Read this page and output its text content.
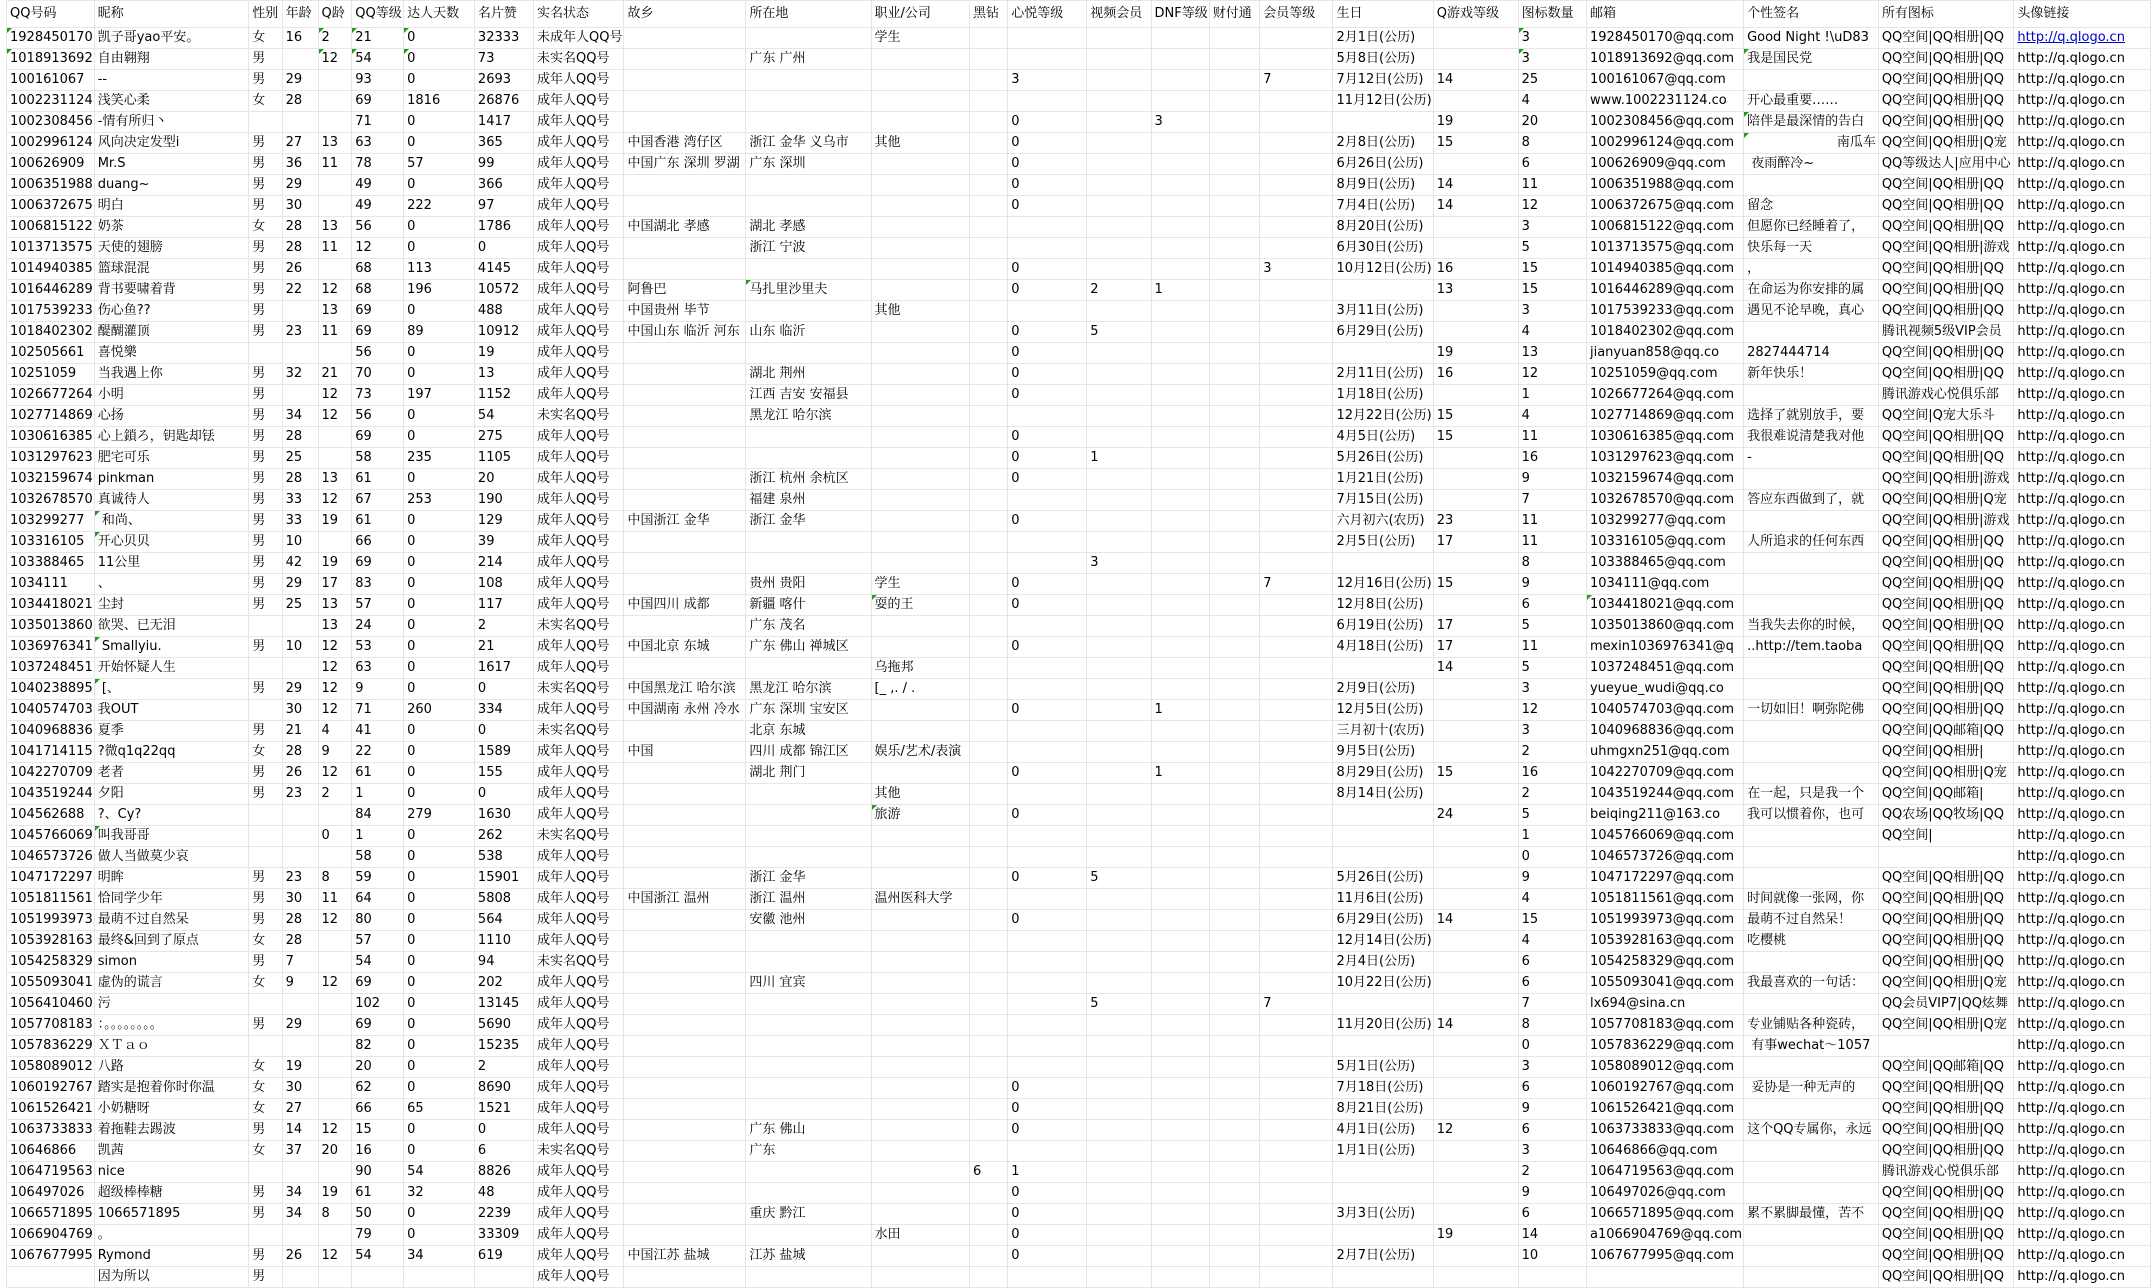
QQ号码	昵称	性别	年龄	Q龄	QQ等级	达人天数	名片赞	实名状态	故乡	所在地	职业/公司	黑钻	心悦等级	视频会员	DNF等级	财付通	会员等级	生日	Q游戏等级	图标数量	邮箱	个性签名	所有图标	头像链接
1928450170	凯子哥yao平安。	女	16	2	21	0	32333	未成年人QQ号			学生							2月1日(公历)		3	1928450170@qq.com	Good Night !\uD83	QQ空间|QQ相册|QQ	http://q.qlogo.cn
1018913692	自由翱翔	男		12	54	0	73	未实名QQ号		广东 广州								5月8日(公历)		3	1018913692@qq.com	我是国民党	QQ空间|QQ相册|QQ	http://q.qlogo.cn
100161067	--	男	29		93	0	2693	成年人QQ号					3				7	7月12日(公历)	14	25	100161067@qq.com		QQ空间|QQ相册|QQ	http://q.qlogo.cn
1002231124	浅笑心柔	女	28		69	1816	26876	成年人QQ号										11月12日(公历)		4	www.1002231124.co	开心最重要……	QQ空间|QQ相册|QQ	http://q.qlogo.cn
1002308456	-情有所归丶				71	0	1417	成年人QQ号					0		3				19	20	1002308456@qq.com	陪伴是最深情的告白	QQ空间|QQ相册|QQ	http://q.qlogo.cn
1002996124	风向决定发型i	男	27	13	63	0	365	成年人QQ号	中国香港 湾仔区	浙江 金华 义乌市	其他		0					2月8日(公历)	15	8	1002996124@qq.com	南瓜车	QQ空间|QQ相册|Q宠	http://q.qlogo.cn
100626909	Mr.S	男	36	11	78	57	99	成年人QQ号	中国广东 深圳 罗湖	广东 深圳			0					6月26日(公历)		6	100626909@qq.com	夜雨醉冷~	QQ等级达人|应用中心	http://q.qlogo.cn
1006351988	duang~	男	29		49	0	366	成年人QQ号					0					8月9日(公历)	14	11	1006351988@qq.com		QQ空间|QQ相册|QQ	http://q.qlogo.cn
1006372675	明白	男	30		49	222	97	成年人QQ号					0					7月4日(公历)	14	12	1006372675@qq.com	留念	QQ空间|QQ相册|QQ	http://q.qlogo.cn
1006815122	奶茶	女	28	13	56	0	1786	成年人QQ号	中国湖北 孝感	湖北 孝感								8月20日(公历)		3	1006815122@qq.com	但愿你已经睡着了，	QQ空间|QQ相册|QQ	http://q.qlogo.cn
1013713575	天使的翅膀	男	28	11	12	0	0	成年人QQ号		浙江 宁波								6月30日(公历)		5	1013713575@qq.com	快乐每一天	QQ空间|QQ相册|游戏	http://q.qlogo.cn
1014940385	篮球混混	男	26		68	113	4145	成年人QQ号					0				3	10月12日(公历)	16	15	1014940385@qq.com	，	QQ空间|QQ相册|QQ	http://q.qlogo.cn
1016446289	背书要啸着背	男	22	12	68	196	10572	成年人QQ号	阿鲁巴	马扎里沙里夫			0	2	1				13	15	1016446289@qq.com	在命运为你安排的属	QQ空间|QQ相册|QQ	http://q.qlogo.cn
1017539233	伤心鱼??	男		13	69	0	488	成年人QQ号	中国贵州 毕节		其他							3月11日(公历)		3	1017539233@qq.com	遇见不论早晚，真心	QQ空间|QQ相册|QQ	http://q.qlogo.cn
1018402302	醍醐灌顶	男	23	11	69	89	10912	成年人QQ号	中国山东 临沂 河东	山东 临沂			0	5				6月29日(公历)		4	1018402302@qq.com		腾讯视频5级VIP会员	http://q.qlogo.cn
102505661	喜悦樂				56	0	19	成年人QQ号					0						19	13	jianyuan858@qq.co	2827444714	QQ空间|QQ相册|QQ	http://q.qlogo.cn
10251059	当我遇上你	男	32	21	70	0	13	成年人QQ号		湖北 荆州			0					2月11日(公历)	16	12	10251059@qq.com	新年快乐！	QQ空间|QQ相册|QQ	http://q.qlogo.cn
1026677264	小明	男		12	73	197	1152	成年人QQ号		江西 吉安 安福县			0					1月18日(公历)		1	1026677264@qq.com		腾讯游戏心悦俱乐部	http://q.qlogo.cn
1027714869	心扬	男	34	12	56	0	54	未实名QQ号		黑龙江 哈尔滨								12月22日(公历)	15	4	1027714869@qq.com	选择了就别放手，要	QQ空间|Q宠大乐斗	http://q.qlogo.cn
1030616385	心上鎖ろ，钥匙却铥	男	28		69	0	275	成年人QQ号					0					4月5日(公历)	15	11	1030616385@qq.com	我很难说清楚我对他	QQ空间|QQ相册|QQ	http://q.qlogo.cn
1031297623	肥宅可乐	男	25		58	235	1105	成年人QQ号					0	1				5月26日(公历)		16	1031297623@qq.com	-	QQ空间|QQ相册|QQ	http://q.qlogo.cn
1032159674	pinkman	男	28	13	61	0	20	成年人QQ号		浙江 杭州 余杭区			0					1月21日(公历)		9	1032159674@qq.com		QQ空间|QQ相册|游戏	http://q.qlogo.cn
1032678570	真诚待人	男	33	12	67	253	190	成年人QQ号		福建 泉州								7月15日(公历)		7	1032678570@qq.com	答应东西做到了，就	QQ空间|QQ相册|Q宠	http://q.qlogo.cn
103299277	和尚、	男	33	19	61	0	129	成年人QQ号	中国浙江 金华	浙江 金华			0					六月初六(农历)	23	11	103299277@qq.com		QQ空间|QQ相册|游戏	http://q.qlogo.cn
103316105	开心贝贝	男	10		66	0	39	成年人QQ号										2月5日(公历)	17	11	103316105@qq.com	人所追求的任何东西	QQ空间|QQ相册|QQ	http://q.qlogo.cn
103388465	11公里	男	42	19	69	0	214	成年人QQ号						3						8	103388465@qq.com		QQ空间|QQ相册|QQ	http://q.qlogo.cn
1034111	、	男	29	17	83	0	108	成年人QQ号		贵州 贵阳	学生		0				7	12月16日(公历)	15	9	1034111@qq.com		QQ空间|QQ相册|QQ	http://q.qlogo.cn
1034418021	尘封	男	25	13	57	0	117	成年人QQ号	中国四川 成都	新疆 喀什	耍的王		0					12月8日(公历)		6	1034418021@qq.com		QQ空间|QQ相册|QQ	http://q.qlogo.cn
1035013860	欲哭、已无泪			13	24	0	2	未实名QQ号		广东 茂名								6月19日(公历)	17	5	1035013860@qq.com	当我失去你的时候，	QQ空间|QQ相册|QQ	http://q.qlogo.cn
1036976341	Smallyiu.	男	10	12	53	0	21	成年人QQ号	中国北京 东城	广东 佛山 禅城区			0					4月18日(公历)	17	11	mexin1036976341@q	..http://tem.taoba	QQ空间|QQ相册|QQ	http://q.qlogo.cn
1037248451	开始怀疑人生			12	63	0	1617	成年人QQ号			乌拖邦								14	5	1037248451@qq.com		QQ空间|QQ相册|QQ	http://q.qlogo.cn
1040238895	[、	男	29	12	9	0	0	未实名QQ号	中国黑龙江 哈尔滨	黑龙江 哈尔滨	[_ ,. / .							2月9日(公历)		3	yueyue_wudi@qq.co		QQ空间|QQ相册|QQ	http://q.qlogo.cn
1040574703	我OUT		30	12	71	260	334	成年人QQ号	中国湖南 永州 冷水	广东 深圳 宝安区			0		1			12月5日(公历)		12	1040574703@qq.com	一切如旧！啊弥陀佛	QQ空间|QQ相册|QQ	http://q.qlogo.cn
1040968836	夏季	男	21	4	41	0	0	未实名QQ号		北京 东城								三月初十(农历)		3	1040968836@qq.com		QQ空间|QQ邮箱|QQ	http://q.qlogo.cn
1041714115	?微q1q22qq	女	28	9	22	0	1589	成年人QQ号	中国	四川 成都 锦江区	娱乐/艺术/表演							9月5日(公历)		2	uhmgxn251@qq.com		QQ空间|QQ相册|	http://q.qlogo.cn
1042270709	老者	男	26	12	61	0	155	成年人QQ号		湖北 荆门			0		1			8月29日(公历)	15	16	1042270709@qq.com		QQ空间|QQ相册|Q宠	http://q.qlogo.cn
1043519244	夕阳	男	23	2	1	0	0	成年人QQ号			其他							8月14日(公历)		2	1043519244@qq.com	在一起，只是我一个	QQ空间|QQ邮箱|	http://q.qlogo.cn
104562688	?、Cy?				84	279	1630	成年人QQ号			旅游		0						24	5	beiqing211@163.co	我可以惯着你，也可	QQ农场|QQ牧场|QQ	http://q.qlogo.cn
1045766069	叫我哥哥			0	1	0	262	未实名QQ号												1	1045766069@qq.com		QQ空间|	http://q.qlogo.cn
1046573726	做人当做莫少哀				58	0	538	成年人QQ号												0	1046573726@qq.com			http://q.qlogo.cn
1047172297	明眸	男	23	8	59	0	15901	成年人QQ号		浙江 金华			0	5				5月26日(公历)		9	1047172297@qq.com		QQ空间|QQ相册|QQ	http://q.qlogo.cn
1051811561	恰同学少年	男	30	11	64	0	5808	成年人QQ号	中国浙江 温州	浙江 温州	温州医科大学							11月6日(公历)		4	1051811561@qq.com	时间就像一张网，你	QQ空间|QQ相册|QQ	http://q.qlogo.cn
1051993973	最萌不过自然呆	男	28	12	80	0	564	成年人QQ号		安徽 池州			0					6月29日(公历)	14	15	1051993973@qq.com	最萌不过自然呆！	QQ空间|QQ相册|QQ	http://q.qlogo.cn
1053928163	最终&回到了原点	女	28		57	0	1110	成年人QQ号										12月14日(公历)		4	1053928163@qq.com	吃樱桃	QQ空间|QQ相册|QQ	http://q.qlogo.cn
1054258329	simon	男	7		54	0	94	未实名QQ号										2月4日(公历)		6	1054258329@qq.com		QQ空间|QQ相册|QQ	http://q.qlogo.cn
1055093041	虚伪的谎言	女	9	12	69	0	202	成年人QQ号		四川 宜宾								10月22日(公历)		6	1055093041@qq.com	我最喜欢的一句话：	QQ空间|QQ相册|Q宠	http://q.qlogo.cn
1056410460	污				102	0	13145	成年人QQ号						5			7			7	lx694@sina.cn		QQ会员VIP7|QQ炫舞	http://q.qlogo.cn
1057708183	：。。。。。。。。	男	29		69	0	5690	成年人QQ号										11月20日(公历)	14	8	1057708183@qq.com	专业铺贴各种瓷砖，	QQ空间|QQ相册|Q宠	http://q.qlogo.cn
1057836229	ＸＴａｏ				82	0	15235	成年人QQ号												0	1057836229@qq.com	有事wechat～1057		http://q.qlogo.cn
1058089012	八路	女	19		20	0	2	成年人QQ号										5月1日(公历)		3	1058089012@qq.com		QQ空间|QQ邮箱|QQ	http://q.qlogo.cn
1060192767	踏实是抱着你时你温	女	30		62	0	8690	成年人QQ号					0					7月18日(公历)		6	1060192767@qq.com	妥协是一种无声的	QQ空间|QQ相册|QQ	http://q.qlogo.cn
1061526421	小奶糖呀	女	27		66	65	1521	成年人QQ号					0					8月21日(公历)		9	1061526421@qq.com		QQ空间|QQ相册|QQ	http://q.qlogo.cn
1063733833	着拖鞋去踢波	男	14	12	15	0	0	成年人QQ号		广东 佛山			0					4月1日(公历)	12	6	1063733833@qq.com	这个QQ专属你，永远	QQ空间|QQ相册|QQ	http://q.qlogo.cn
10646866	凯茜	女	37	20	16	0	6	未实名QQ号		广东								1月1日(公历)		3	10646866@qq.com		QQ空间|QQ相册|QQ	http://q.qlogo.cn
1064719563	nice				90	54	8826	成年人QQ号				6	1							2	1064719563@qq.com		腾讯游戏心悦俱乐部	http://q.qlogo.cn
106497026	超级棒棒糖	男	34	19	61	32	48	成年人QQ号					0							9	106497026@qq.com		QQ空间|QQ相册|QQ	http://q.qlogo.cn
1066571895	1066571895	男	34	8	50	0	2239	成年人QQ号		重庆 黔江			0					3月3日(公历)		6	1066571895@qq.com	累不累脚最懂，苦不	QQ空间|QQ相册|QQ	http://q.qlogo.cn
1066904769	。				79	0	33309	成年人QQ号			水田		0						19	14	a1066904769@qq.com		QQ空间|QQ相册|QQ	http://q.qlogo.cn
1067677995	Rymond	男	26	12	54	34	619	成年人QQ号	中国江苏 盐城	江苏 盐城			0					2月7日(公历)		10	1067677995@qq.com		QQ空间|QQ相册|QQ	http://q.qlogo.cn
	因为所以	男						成年人QQ号															QQ空间|QQ相册|QQ	http://q.qlogo.cn
